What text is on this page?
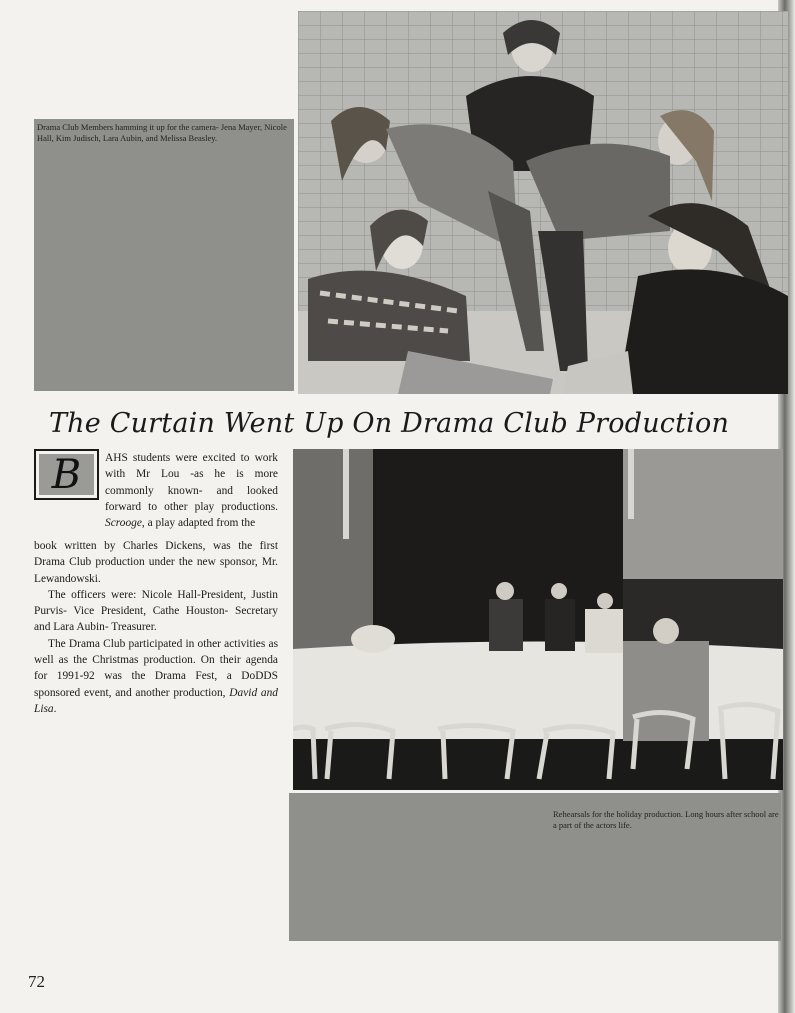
Drama Club Members hamming it up for the camera- Jena Mayer, Nicole Hall, Kim Judisch, Lara Aubin, and Melissa Beasley.
The Curtain Went Up On Drama Club Production
B	AHS students were excited to work with Mr Lou -as he is more commonly known- and looked forward to other play productions. Scrooge, a play adapted from the

book written by Charles Dickens, was the first Drama Club production under the new sponsor, Mr. Lewandowski.

The officers were: Nicole Hall-President, Justin Purvis- Vice President, Cathe Houston- Secretary and Lara Aubin- Treasurer.

The Drama Club participated in other activities as well as the Christmas production. On their agenda for 1991-92 was the Drama Fest, a DoDDS sponsored event, and another production, David and Lisa.

Rehearsals for the holiday production. Long hours after school are a part of the actors life.
72
